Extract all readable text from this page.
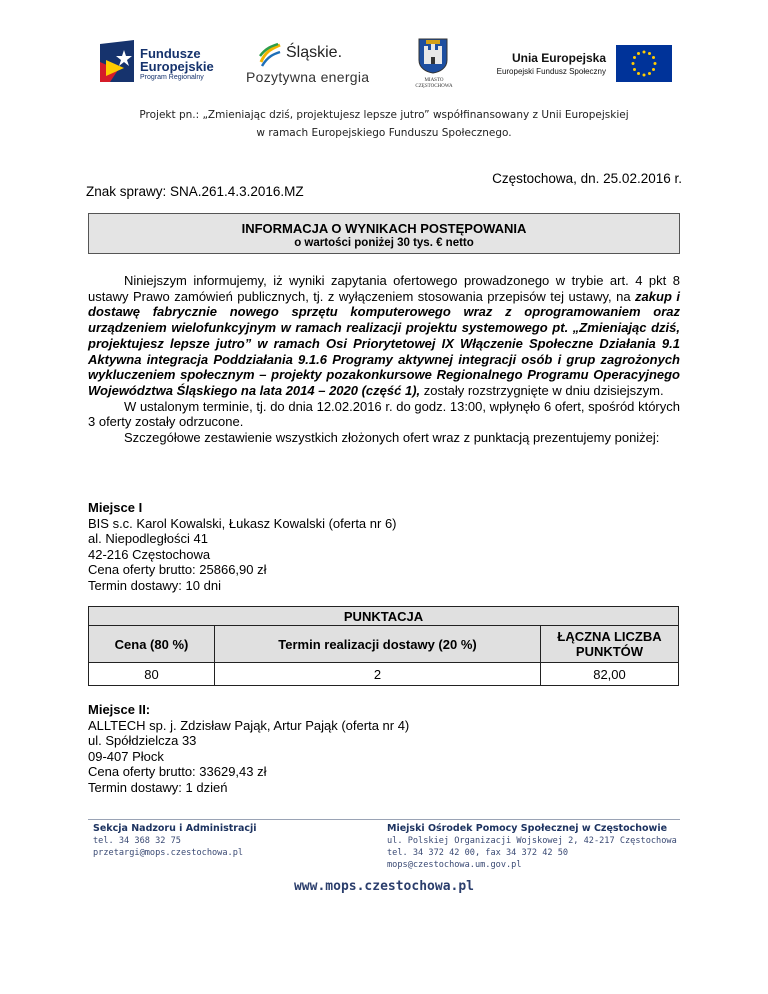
Fundusze
Europejskie
Program Regionalny
Śląskie.
Pozytywna energia	MIASTO
CZĘSTOCHOWA
Unia Europejska
Europejski Fundusz Społeczny
Projekt pn.: „Zmieniając dziś, projektujesz lepsze jutro” współfinansowany z Unii Europejskiej
w ramach Europejskiego Funduszu Społecznego.
Częstochowa, dn. 25.02.2016 r.
Znak sprawy: SNA.261.4.3.2016.MZ
INFORMACJA O WYNIKACH POSTĘPOWANIA
o wartości poniżej 30 tys. € netto

Niniejszym informujemy, iż wyniki zapytania ofertowego prowadzonego w trybie art. 4 pkt 8 ustawy Prawo zamówień publicznych, tj. z wyłączeniem stosowania przepisów tej ustawy, na zakup i dostawę fabrycznie nowego sprzętu komputerowego wraz z oprogramowaniem oraz urządzeniem wielofunkcyjnym w ramach realizacji projektu systemowego pt. „Zmieniając dziś, projektujesz lepsze jutro” w ramach Osi Priorytetowej IX Włączenie Społeczne Działania 9.1 Aktywna integracja Poddziałania 9.1.6 Programy aktywnej integracji osób i grup zagrożonych wykluczeniem społecznym – projekty pozakonkursowe Regionalnego Programu Operacyjnego Województwa Śląskiego na lata 2014 – 2020 (część 1), zostały rozstrzygnięte w dniu dzisiejszym.

W ustalonym terminie, tj. do dnia 12.02.2016 r. do godz. 13:00, wpłynęło 6 ofert, spośród których 3 oferty zostały odrzucone.

Szczegółowe zestawienie wszystkich złożonych ofert wraz z punktacją prezentujemy poniżej:

Miejsce I
BIS s.c. Karol Kowalski, Łukasz Kowalski (oferta nr 6)
al. Niepodległości 41
42-216 Częstochowa
Cena oferty brutto: 25866,90 zł
Termin dostawy: 10 dni
PUNKTACJA		
Cena (80 %)	Termin realizacji dostawy (20 %)	ŁĄCZNA LICZBA PUNKTÓW
80	2	82,00
Miejsce II:
ALLTECH sp. j. Zdzisław Pająk, Artur Pająk (oferta nr 4)
ul. Spółdzielcza 33
09-407 Płock
Cena oferty brutto: 33629,43 zł
Termin dostawy: 1 dzień
Sekcja Nadzoru i Administracji
tel. 34 368 32 75
przetargi@mops.czestochowa.pl
Miejski Ośrodek Pomocy Społecznej w Częstochowie
ul. Polskiej Organizacji Wojskowej 2, 42-217 Częstochowa
tel. 34 372 42 00, fax 34 372 42 50
mops@czestochowa.um.gov.pl
www.mops.czestochowa.pl
